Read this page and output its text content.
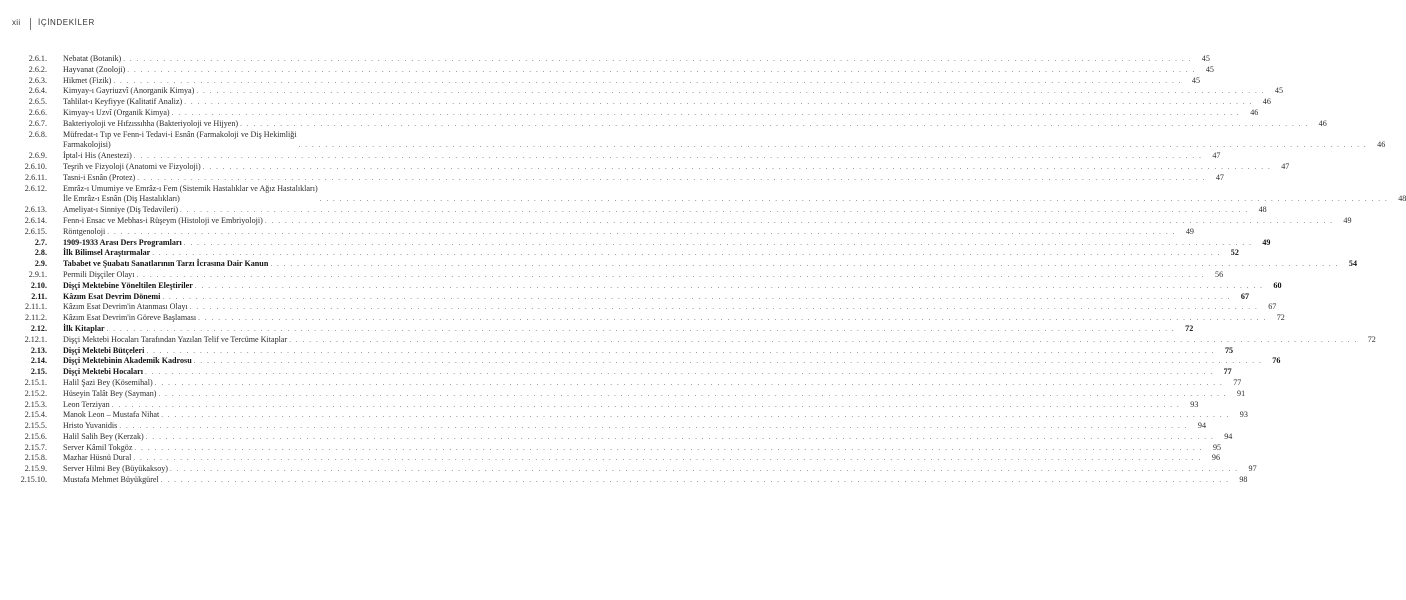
xii İÇİNDEKİLER
2.6.1.	Nebatat (Botanik) . . . . . . . . . . . . . . . . . . . . . . . . . . . . . . . . . . . . . . . . . . . . . . . . . . . . . . . . . . . . . . . . . . . . . . . . . . . . . . . . . . . . . . . . . . . . . . . . . . . . . . . . . . . . . . . . . . . . . . . . . . . . . . . . . . . . . . . . . . . . . . . . . . . . . . . . . . . . . . . .	45
2.6.2.	Hayvanat (Zooloji) . . . . . . . . . . . . . . . . . . . . . . . . . . . . . . . . . . . . . . . . . . . . . . . . . . . . . . . . . . . . . . . . . . . . . . . . . . . . . . . . . . . . . . . . . . . . . . . . . . . . . . . . . . . . . . . . . . . . . . . . . . . . . . . . . . . . . . . . . . . . . . . . . . . . . . . . . . . . . . . .	45
2.6.3.	Hikmet (Fizik) . . . . . . . . . . . . . . . . . . . . . . . . . . . . . . . . . . . . . . . . . . . . . . . . . . . . . . . . . . . . . . . . . . . . . . . . . . . . . . . . . . . . . . . . . . . . . . . . . . . . . . . . . . . . . . . . . . . . . . . . . . . . . . . . . . . . . . . . . . . . . . . . . . . . . . . . . . . . . . . .	45
2.6.4.	Kimyay-ı Gayriuzvî (Anorganik Kimya) . . . . . . . . . . . . . . . . . . . . . . . . . . . . . . . . . . . . . . . . . . . . . . . . . . . . . . . . . . . . . . . . . . . . . . . . . . . . . . . . . . . . . . . . . . . . . . . . . . . . . . . . . . . . . . . . . . . . . . . . . . . . . . . . . . . . . . . . . . . . . . . . . . . . . . . . . . . . . . . .	45
2.6.5.	Tahlilat-ı Keyfiyye (Kalitatif Analiz) . . . . . . . . . . . . . . . . . . . . . . . . . . . . . . . . . . . . . . . . . . . . . . . . . . . . . . . . . . . . . . . . . . . . . . . . . . . . . . . . . . . . . . . . . . . . . . . . . . . . . . . . . . . . . . . . . . . . . . . . . . . . . . . . . . . . . . . . . . . . . . . . . . . . . . . . . . . . . . . .	46
2.6.6.	Kimyay-ı Uzvî (Organik Kimya) . . . . . . . . . . . . . . . . . . . . . . . . . . . . . . . . . . . . . . . . . . . . . . . . . . . . . . . . . . . . . . . . . . . . . . . . . . . . . . . . . . . . . . . . . . . . . . . . . . . . . . . . . . . . . . . . . . . . . . . . . . . . . . . . . . . . . . . . . . . . . . . . . . . . . . . . . . . . . . . .	46
2.6.7.	Bakteriyoloji ve Hıfzıssıhha (Bakteriyoloji ve Hijyen) . . . . . . . . . . . . . . . . . . . . . . . . . . . . . . . . . . . . . . . . . . . . . . . . . . . . . . . . . . . . . . . . . . . . . . . . . . . . . . . . . . . . . . . . . . . . . . . . . . . . . . . . . . . . . . . . . . . . . . . . . . . . . . . . . . . . . . . . . . . . . . . . . . . . . . . . . . . . . . . .	46
2.6.8.	Müfredat-ı Tıp ve Fenn-i Tedavi-i Esnân (Farmakoloji ve Diş Hekimliği
Farmakolojisi)	. . . . . . . . . . . . . . . . . . . . . . . . . . . . . . . . . . . . . . . . . . . . . . . . . . . . . . . . . . . . . . . . . . . . . . . . . . . . . . . . . . . . . . . . . . . . . . . . . . . . . . . . . . . . . . . . . . . . . . . . . . . . . . . . . . . . . . . . . . . . . . . . . . . . . . . . . . . . . . . .	46
2.6.9.	İptal-i His (Anestezi) . . . . . . . . . . . . . . . . . . . . . . . . . . . . . . . . . . . . . . . . . . . . . . . . . . . . . . . . . . . . . . . . . . . . . . . . . . . . . . . . . . . . . . . . . . . . . . . . . . . . . . . . . . . . . . . . . . . . . . . . . . . . . . . . . . . . . . . . . . . . . . . . . . . . . . . . . . . . . . . .	47
2.6.10.	Teşrih ve Fizyoloji (Anatomi ve Fizyoloji) . . . . . . . . . . . . . . . . . . . . . . . . . . . . . . . . . . . . . . . . . . . . . . . . . . . . . . . . . . . . . . . . . . . . . . . . . . . . . . . . . . . . . . . . . . . . . . . . . . . . . . . . . . . . . . . . . . . . . . . . . . . . . . . . . . . . . . . . . . . . . . . . . . . . . . . . . . . . . . . .	47
2.6.11.	Tasni-i Esnân (Protez) . . . . . . . . . . . . . . . . . . . . . . . . . . . . . . . . . . . . . . . . . . . . . . . . . . . . . . . . . . . . . . . . . . . . . . . . . . . . . . . . . . . . . . . . . . . . . . . . . . . . . . . . . . . . . . . . . . . . . . . . . . . . . . . . . . . . . . . . . . . . . . . . . . . . . . . . . . . . . . . .	47
2.6.12.	Emrâz-ı Umumiye ve Emrâz-ı Fem (Sistemik Hastalıklar ve Ağız Hastalıkları)
İle Emrâz-ı Esnân (Diş Hastalıkları)	. . . . . . . . . . . . . . . . . . . . . . . . . . . . . . . . . . . . . . . . . . . . . . . . . . . . . . . . . . . . . . . . . . . . . . . . . . . . . . . . . . . . . . . . . . . . . . . . . . . . . . . . . . . . . . . . . . . . . . . . . . . . . . . . . . . . . . . . . . . . . . . . . . . . . . . . . . . . . . . .	48
2.6.13.	Ameliyat-ı Sinniye (Diş Tedavileri) . . . . . . . . . . . . . . . . . . . . . . . . . . . . . . . . . . . . . . . . . . . . . . . . . . . . . . . . . . . . . . . . . . . . . . . . . . . . . . . . . . . . . . . . . . . . . . . . . . . . . . . . . . . . . . . . . . . . . . . . . . . . . . . . . . . . . . . . . . . . . . . . . . . . . . . . . . . . . . . .	48
2.6.14.	Fenn-i Ensac ve Mebhas-i Rüşeym (Histoloji ve Embriyoloji) . . . . . . . . . . . . . . . . . . . . . . . . . . . . . . . . . . . . . . . . . . . . . . . . . . . . . . . . . . . . . . . . . . . . . . . . . . . . . . . . . . . . . . . . . . . . . . . . . . . . . . . . . . . . . . . . . . . . . . . . . . . . . . . . . . . . . . . . . . . . . . . . . . . . . . . . . . . . . . . .	49
2.6.15.	Röntgenoloji . . . . . . . . . . . . . . . . . . . . . . . . . . . . . . . . . . . . . . . . . . . . . . . . . . . . . . . . . . . . . . . . . . . . . . . . . . . . . . . . . . . . . . . . . . . . . . . . . . . . . . . . . . . . . . . . . . . . . . . . . . . . . . . . . . . . . . . . . . . . . . . . . . . . . . . . . . . . . . . .	49
2.7.	1909-1933 Arası Ders Programları . . . . . . . . . . . . . . . . . . . . . . . . . . . . . . . . . . . . . . . . . . . . . . . . . . . . . . . . . . . . . . . . . . . . . . . . . . . . . . . . . . . . . . . . . . . . . . . . . . . . . . . . . . . . . . . . . . . . . . . . . . . . . . . . . . . . . . . . . . . . . . . . . . . . . . . . . . . . . . . .	49
2.8.	İlk Bilimsel Araştırmalar . . . . . . . . . . . . . . . . . . . . . . . . . . . . . . . . . . . . . . . . . . . . . . . . . . . . . . . . . . . . . . . . . . . . . . . . . . . . . . . . . . . . . . . . . . . . . . . . . . . . . . . . . . . . . . . . . . . . . . . . . . . . . . . . . . . . . . . . . . . . . . . . . . . . . . . . . . . . . . . .	52
2.9.	Tababet ve Şuabatı Sanatlarının Tarzı İcrasına Dair Kanun . . . . . . . . . . . . . . . . . . . . . . . . . . . . . . . . . . . . . . . . . . . . . . . . . . . . . . . . . . . . . . . . . . . . . . . . . . . . . . . . . . . . . . . . . . . . . . . . . . . . . . . . . . . . . . . . . . . . . . . . . . . . . . . . . . . . . . . . . . . . . . . . . . . . . . . . . . . . . . . .	54
2.9.1.	Permili Dişçiler Olayı . . . . . . . . . . . . . . . . . . . . . . . . . . . . . . . . . . . . . . . . . . . . . . . . . . . . . . . . . . . . . . . . . . . . . . . . . . . . . . . . . . . . . . . . . . . . . . . . . . . . . . . . . . . . . . . . . . . . . . . . . . . . . . . . . . . . . . . . . . . . . . . . . . . . . . . . . . . . . . . .	56
2.10.	Dişçi Mektebine Yöneltilen Eleştiriler . . . . . . . . . . . . . . . . . . . . . . . . . . . . . . . . . . . . . . . . . . . . . . . . . . . . . . . . . . . . . . . . . . . . . . . . . . . . . . . . . . . . . . . . . . . . . . . . . . . . . . . . . . . . . . . . . . . . . . . . . . . . . . . . . . . . . . . . . . . . . . . . . . . . . . . . . . . . . . . .	60
2.11.	Kâzım Esat Devrim Dönemi . . . . . . . . . . . . . . . . . . . . . . . . . . . . . . . . . . . . . . . . . . . . . . . . . . . . . . . . . . . . . . . . . . . . . . . . . . . . . . . . . . . . . . . . . . . . . . . . . . . . . . . . . . . . . . . . . . . . . . . . . . . . . . . . . . . . . . . . . . . . . . . . . . . . . . . . . . . . . . . .	67
2.11.1.	Kâzım Esat Devrim'in Atanması Olayı . . . . . . . . . . . . . . . . . . . . . . . . . . . . . . . . . . . . . . . . . . . . . . . . . . . . . . . . . . . . . . . . . . . . . . . . . . . . . . . . . . . . . . . . . . . . . . . . . . . . . . . . . . . . . . . . . . . . . . . . . . . . . . . . . . . . . . . . . . . . . . . . . . . . . . . . . . . . . . . .	67
2.11.2.	Kâzım Esat Devrim'in Göreve Başlaması . . . . . . . . . . . . . . . . . . . . . . . . . . . . . . . . . . . . . . . . . . . . . . . . . . . . . . . . . . . . . . . . . . . . . . . . . . . . . . . . . . . . . . . . . . . . . . . . . . . . . . . . . . . . . . . . . . . . . . . . . . . . . . . . . . . . . . . . . . . . . . . . . . . . . . . . . . . . . . . .	72
2.12.	İlk Kitaplar . . . . . . . . . . . . . . . . . . . . . . . . . . . . . . . . . . . . . . . . . . . . . . . . . . . . . . . . . . . . . . . . . . . . . . . . . . . . . . . . . . . . . . . . . . . . . . . . . . . . . . . . . . . . . . . . . . . . . . . . . . . . . . . . . . . . . . . . . . . . . . . . . . . . . . . . . . . . . . . .	72
2.12.1.	Dişçi Mektebi Hocaları Tarafından Yazılan Telif ve Tercüme Kitaplar . . . . . . . . . . . . . . . . . . . . . . . . . . . . . . . . . . . . . . . . . . . . . . . . . . . . . . . . . . . . . . . . . . . . . . . . . . . . . . . . . . . . . . . . . . . . . . . . . . . . . . . . . . . . . . . . . . . . . . . . . . . . . . . . . . . . . . . . . . . . . . . . . . . . . . . . . . . . . . . .	72
2.13.	Dişçi Mektebi Bütçeleri . . . . . . . . . . . . . . . . . . . . . . . . . . . . . . . . . . . . . . . . . . . . . . . . . . . . . . . . . . . . . . . . . . . . . . . . . . . . . . . . . . . . . . . . . . . . . . . . . . . . . . . . . . . . . . . . . . . . . . . . . . . . . . . . . . . . . . . . . . . . . . . . . . . . . . . . . . . . . . . .	75
2.14.	Dişçi Mektebinin Akademik Kadrosu . . . . . . . . . . . . . . . . . . . . . . . . . . . . . . . . . . . . . . . . . . . . . . . . . . . . . . . . . . . . . . . . . . . . . . . . . . . . . . . . . . . . . . . . . . . . . . . . . . . . . . . . . . . . . . . . . . . . . . . . . . . . . . . . . . . . . . . . . . . . . . . . . . . . . . . . . . . . . . . .	76
2.15.	Dişçi Mektebi Hocaları . . . . . . . . . . . . . . . . . . . . . . . . . . . . . . . . . . . . . . . . . . . . . . . . . . . . . . . . . . . . . . . . . . . . . . . . . . . . . . . . . . . . . . . . . . . . . . . . . . . . . . . . . . . . . . . . . . . . . . . . . . . . . . . . . . . . . . . . . . . . . . . . . . . . . . . . . . . . . . . .	77
2.15.1.	Halil Şazi Bey (Kösemihal) . . . . . . . . . . . . . . . . . . . . . . . . . . . . . . . . . . . . . . . . . . . . . . . . . . . . . . . . . . . . . . . . . . . . . . . . . . . . . . . . . . . . . . . . . . . . . . . . . . . . . . . . . . . . . . . . . . . . . . . . . . . . . . . . . . . . . . . . . . . . . . . . . . . . . . . . . . . . . . . .	77
2.15.2.	Hüseyin Talât Bey (Sayman) . . . . . . . . . . . . . . . . . . . . . . . . . . . . . . . . . . . . . . . . . . . . . . . . . . . . . . . . . . . . . . . . . . . . . . . . . . . . . . . . . . . . . . . . . . . . . . . . . . . . . . . . . . . . . . . . . . . . . . . . . . . . . . . . . . . . . . . . . . . . . . . . . . . . . . . . . . . . . . . .	91
2.15.3.	Leon Terziyan . . . . . . . . . . . . . . . . . . . . . . . . . . . . . . . . . . . . . . . . . . . . . . . . . . . . . . . . . . . . . . . . . . . . . . . . . . . . . . . . . . . . . . . . . . . . . . . . . . . . . . . . . . . . . . . . . . . . . . . . . . . . . . . . . . . . . . . . . . . . . . . . . . . . . . . . . . . . . . . .	93
2.15.4.	Manok Leon – Mustafa Nihat . . . . . . . . . . . . . . . . . . . . . . . . . . . . . . . . . . . . . . . . . . . . . . . . . . . . . . . . . . . . . . . . . . . . . . . . . . . . . . . . . . . . . . . . . . . . . . . . . . . . . . . . . . . . . . . . . . . . . . . . . . . . . . . . . . . . . . . . . . . . . . . . . . . . . . . . . . . . . . . .	93
2.15.5.	Hristo Yuvanidis . . . . . . . . . . . . . . . . . . . . . . . . . . . . . . . . . . . . . . . . . . . . . . . . . . . . . . . . . . . . . . . . . . . . . . . . . . . . . . . . . . . . . . . . . . . . . . . . . . . . . . . . . . . . . . . . . . . . . . . . . . . . . . . . . . . . . . . . . . . . . . . . . . . . . . . . . . . . . . . .	94
2.15.6.	Halil Salih Bey (Kerzak) . . . . . . . . . . . . . . . . . . . . . . . . . . . . . . . . . . . . . . . . . . . . . . . . . . . . . . . . . . . . . . . . . . . . . . . . . . . . . . . . . . . . . . . . . . . . . . . . . . . . . . . . . . . . . . . . . . . . . . . . . . . . . . . . . . . . . . . . . . . . . . . . . . . . . . . . . . . . . . . .	94
2.15.7.	Server Kâmil Tokgöz . . . . . . . . . . . . . . . . . . . . . . . . . . . . . . . . . . . . . . . . . . . . . . . . . . . . . . . . . . . . . . . . . . . . . . . . . . . . . . . . . . . . . . . . . . . . . . . . . . . . . . . . . . . . . . . . . . . . . . . . . . . . . . . . . . . . . . . . . . . . . . . . . . . . . . . . . . . . . . . .	95
2.15.8.	Mazhar Hüsnü Dural . . . . . . . . . . . . . . . . . . . . . . . . . . . . . . . . . . . . . . . . . . . . . . . . . . . . . . . . . . . . . . . . . . . . . . . . . . . . . . . . . . . . . . . . . . . . . . . . . . . . . . . . . . . . . . . . . . . . . . . . . . . . . . . . . . . . . . . . . . . . . . . . . . . . . . . . . . . . . . . .	96
2.15.9.	Server Hilmi Bey (Büyükaksoy) . . . . . . . . . . . . . . . . . . . . . . . . . . . . . . . . . . . . . . . . . . . . . . . . . . . . . . . . . . . . . . . . . . . . . . . . . . . . . . . . . . . . . . . . . . . . . . . . . . . . . . . . . . . . . . . . . . . . . . . . . . . . . . . . . . . . . . . . . . . . . . . . . . . . . . . . . . . . . . . .	97
2.15.10.	Mustafa Mehmet Büyükgürel . . . . . . . . . . . . . . . . . . . . . . . . . . . . . . . . . . . . . . . . . . . . . . . . . . . . . . . . . . . . . . . . . . . . . . . . . . . . . . . . . . . . . . . . . . . . . . . . . . . . . . . . . . . . . . . . . . . . . . . . . . . . . . . . . . . . . . . . . . . . . . . . . . . . . . . . . . . . . . . .	98
